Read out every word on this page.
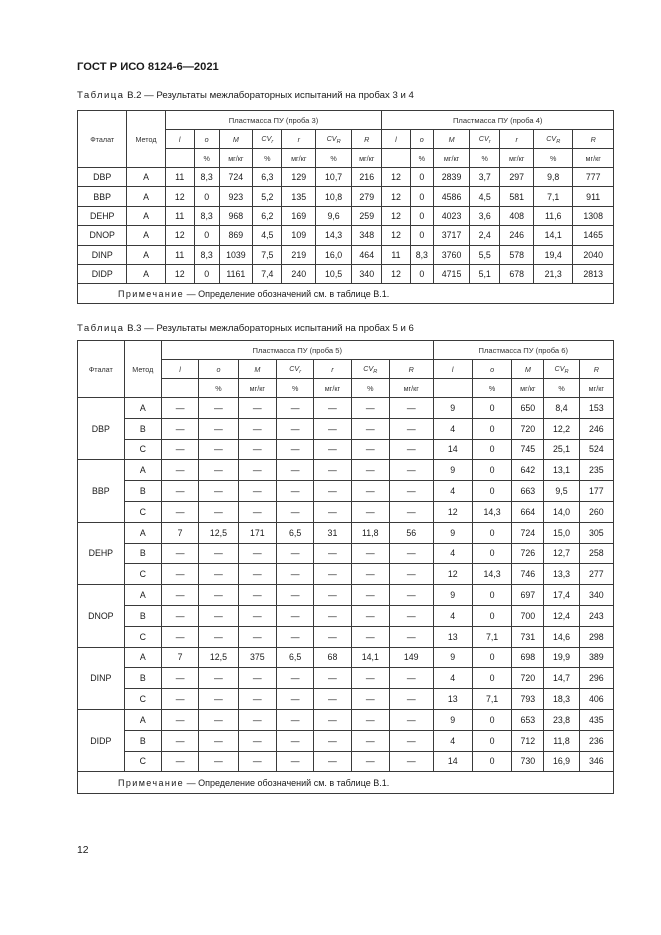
ГОСТ Р ИСО 8124-6—2021
Таблица В.2 — Результаты межлабораторных испытаний на пробах 3 и 4
Фталат	Метод	Пластмасса ПУ (проба 3)							Пластмасса ПУ (проба 4)						
		l	o	M	$CV_r$	r	$CV_R$	R	l	o	M	$CV_r$	r	$CV_R$	R
			%	мг/кг	%	мг/кг	%	мг/кг		%	мг/кг	%	мг/кг	%	мг/кг
DBP	A	11	8,3	724	6,3	129	10,7	216	12	0	2839	3,7	297	9,8	777
BBP	A	12	0	923	5,2	135	10,8	279	12	0	4586	4,5	581	7,1	911
DEHP	A	11	8,3	968	6,2	169	9,6	259	12	0	4023	3,6	408	11,6	1308
DNOP	A	12	0	869	4,5	109	14,3	348	12	0	3717	2,4	246	14,1	1465
DINP	A	11	8,3	1039	7,5	219	16,0	464	11	8,3	3760	5,5	578	19,4	2040
DIDP	A	12	0	1161	7,4	240	10,5	340	12	0	4715	5,1	678	21,3	2813
Примечание — Определение обозначений см. в таблице В.1.															
Таблица В.3 — Результаты межлабораторных испытаний на пробах 5 и 6
Фталат	Метод	Пластмасса ПУ (проба 5)							Пластмасса ПУ (проба 6)				
		l	o	M	$CV_r$	r	$CV_R$	R	l	o	M	$CV_R$	R
			%	мг/кг	%	мг/кг	%	мг/кг		%	мг/кг	%	мг/кг
DBP	A	—	—	—	—	—	—	—	9	0	650	8,4	153
	B	—	—	—	—	—	—	—	4	0	720	12,2	246
	C	—	—	—	—	—	—	—	14	0	745	25,1	524
BBP	A	—	—	—	—	—	—	—	9	0	642	13,1	235
	B	—	—	—	—	—	—	—	4	0	663	9,5	177
	C	—	—	—	—	—	—	—	12	14,3	664	14,0	260
DEHP	A	7	12,5	171	6,5	31	11,8	56	9	0	724	15,0	305
	B	—	—	—	—	—	—	—	4	0	726	12,7	258
	C	—	—	—	—	—	—	—	12	14,3	746	13,3	277
DNOP	A	—	—	—	—	—	—	—	9	0	697	17,4	340
	B	—	—	—	—	—	—	—	4	0	700	12,4	243
	C	—	—	—	—	—	—	—	13	7,1	731	14,6	298
DINP	A	7	12,5	375	6,5	68	14,1	149	9	0	698	19,9	389
	B	—	—	—	—	—	—	—	4	0	720	14,7	296
	C	—	—	—	—	—	—	—	13	7,1	793	18,3	406
DIDP	A	—	—	—	—	—	—	—	9	0	653	23,8	435
	B	—	—	—	—	—	—	—	4	0	712	11,8	236
	C	—	—	—	—	—	—	—	14	0	730	16,9	346
Примечание — Определение обозначений см. в таблице В.1.													
12
